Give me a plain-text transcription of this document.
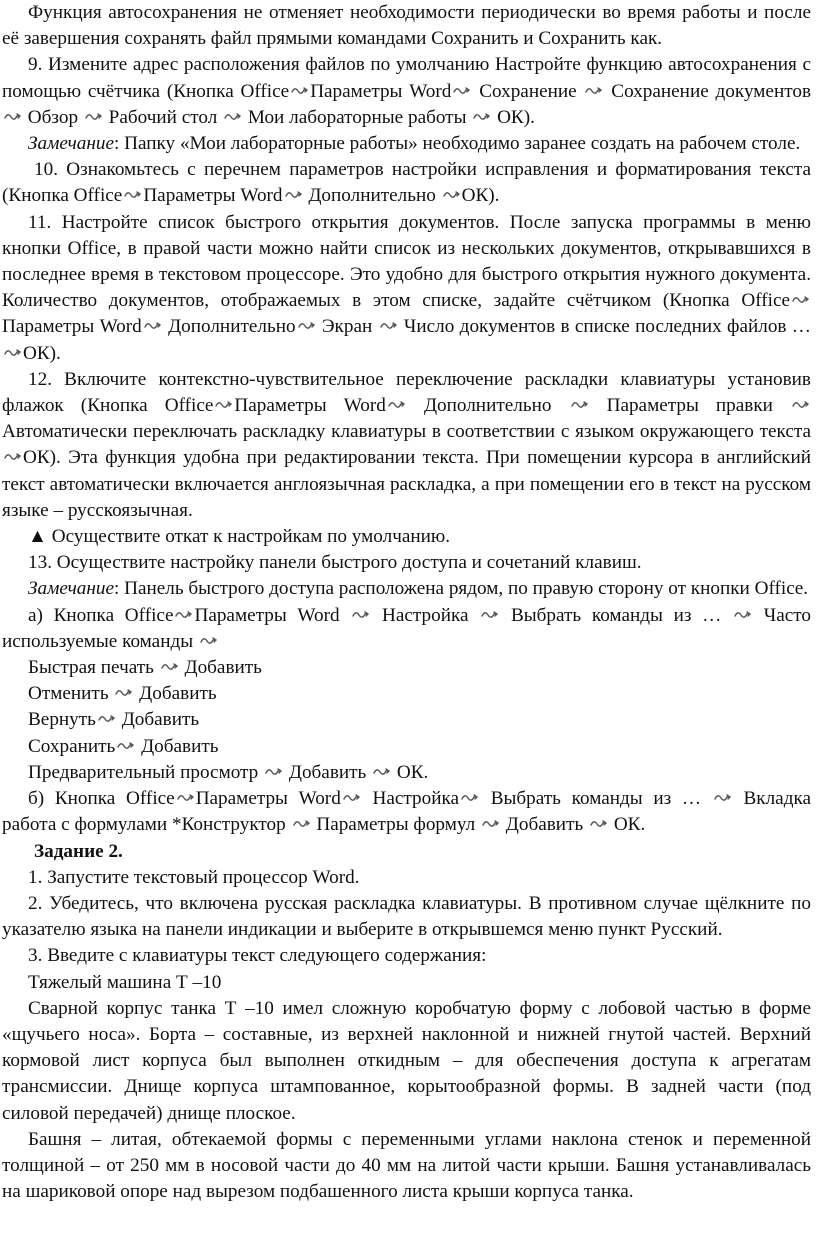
Функция автосохранения не отменяет необходимости периодически во время работы и после её завершения сохранять файл прямыми командами Сохранить и Сохранить как.

9. Измените адрес расположения файлов по умолчанию Настройте функцию автосохранения с помощью счётчика (Кнопка Office Параметры Word
Сохранение
Сохранение документов
Обзор
Рабочий стол
Мои лабораторные работы
ОК).

Замечание: Папку «Мои лабораторные работы» необходимо заранее создать на рабочем столе.

10. Ознакомьтесь с перечнем параметров настройки исправления и форматирования текста (Кнопка Office Параметры Word
Дополнительно
ОК).

11. Настройте список быстрого открытия документов. После запуска программы в меню кнопки Office, в правой части можно найти список из нескольких документов, открывавшихся в последнее время в текстовом процессоре. Это удобно для быстрого открытия нужного документа. Количество документов, отображаемых в этом списке, задайте счётчиком (Кнопка Office
Параметры Word
Дополнительно
Экран
Число документов в списке последних файлов …
ОК).

12. Включите контекстно-чувствительное переключение раскладки клавиатуры установив флажок (Кнопка Office Параметры Word
Дополнительно
Параметры правки
Автоматически переключать раскладку клавиатуры в соответствии с языком окружающего текста
ОК). Эта функция удобна при редактировании текста. При помещении курсора в английский текст автоматически включается англоязычная раскладка, а при помещении его в текст на русском языке – русскоязычная.

▲ Осуществите откат к настройкам по умолчанию.

13. Осуществите настройку панели быстрого доступа и сочетаний клавиш.

Замечание: Панель быстрого доступа расположена рядом, по правую сторону от кнопки Office.

а) Кнопка Office Параметры Word
Настройка
Выбрать команды из …
Часто используемые команды

Быстрая печать
Добавить

Отменить
Добавить

Вернуть
Добавить

Сохранить
Добавить

Предварительный просмотр
Добавить
ОК.

б) Кнопка Office Параметры Word
Настройка
Выбрать команды из …
Вкладка работа с формулами *Конструктор
Параметры формул
Добавить
ОК.

Задание 2.

1. Запустите текстовый процессор Word.

2. Убедитесь, что включена русская раскладка клавиатуры. В противном случае щёлкните по указателю языка на панели индикации и выберите в открывшемся меню пункт Русский.

3. Введите с клавиатуры текст следующего содержания:

Тяжелый машина Т –10

Сварной корпус танка Т –10 имел сложную коробчатую форму с лобовой частью в форме «щучьего носа». Борта – составные, из верхней наклонной и нижней гнутой частей. Верхний кормовой лист корпуса был выполнен откидным – для обеспечения доступа к агрегатам трансмиссии. Днище корпуса штампованное, корытообразной формы. В задней части (под силовой передачей) днище плоское.

Башня – литая, обтекаемой формы с переменными углами наклона стенок и переменной толщиной – от 250 мм в носовой части до 40 мм на литой части крыши. Башня устанавливалась на шариковой опоре над вырезом подбашенного листа крыши корпуса танка.
